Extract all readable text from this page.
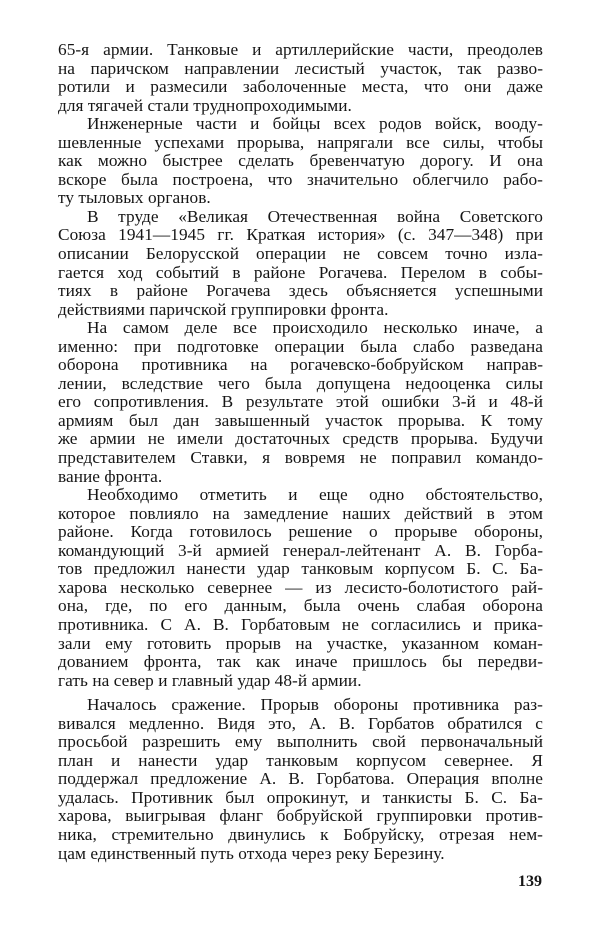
65-я армии. Танковые и артиллерийские части, преодолев
на паричском направлении лесистый участок, так разво-
ротили и размесили заболоченные места, что они даже
для тягачей стали труднопроходимыми.
Инженерные части и бойцы всех родов войск, вооду-
шевленные успехами прорыва, напрягали все силы, чтобы
как можно быстрее сделать бревенчатую дорогу. И она
вскоре была построена, что значительно облегчило рабо-
ту тыловых органов.
В труде «Великая Отечественная война Советского
Союза 1941—1945 гг. Краткая история» (с. 347—348) при
описании Белорусской операции не совсем точно изла-
гается ход событий в районе Рогачева. Перелом в собы-
тиях в районе Рогачева здесь объясняется успешными
действиями паричской группировки фронта.
На самом деле все происходило несколько иначе, а
именно: при подготовке операции была слабо разведана
оборона противника на рогачевско-бобруйском направ-
лении, вследствие чего была допущена недооценка силы
его сопротивления. В результате этой ошибки 3-й и 48-й
армиям был дан завышенный участок прорыва. К тому
же армии не имели достаточных средств прорыва. Будучи
представителем Ставки, я вовремя не поправил командо-
вание фронта.
Необходимо отметить и еще одно обстоятельство,
которое повлияло на замедление наших действий в этом
районе. Когда готовилось решение о прорыве обороны,
командующий 3-й армией генерал-лейтенант А. В. Горба-
тов предложил нанести удар танковым корпусом Б. С. Ба-
харова несколько севернее — из лесисто-болотистого рай-
она, где, по его данным, была очень слабая оборона
противника. С А. В. Горбатовым не согласились и прика-
зали ему готовить прорыв на участке, указанном коман-
дованием фронта, так как иначе пришлось бы передви-
гать на север и главный удар 48-й армии.
Началось сражение. Прорыв обороны противника раз-
вивался медленно. Видя это, А. В. Горбатов обратился с
просьбой разрешить ему выполнить свой первоначальный
план и нанести удар танковым корпусом севернее. Я
поддержал предложение А. В. Горбатова. Операция вполне
удалась. Противник был опрокинут, и танкисты Б. С. Ба-
харова, выигрывая фланг бобруйской группировки против-
ника, стремительно двинулись к Бобруйску, отрезая нем-
цам единственный путь отхода через реку Березину.
139
